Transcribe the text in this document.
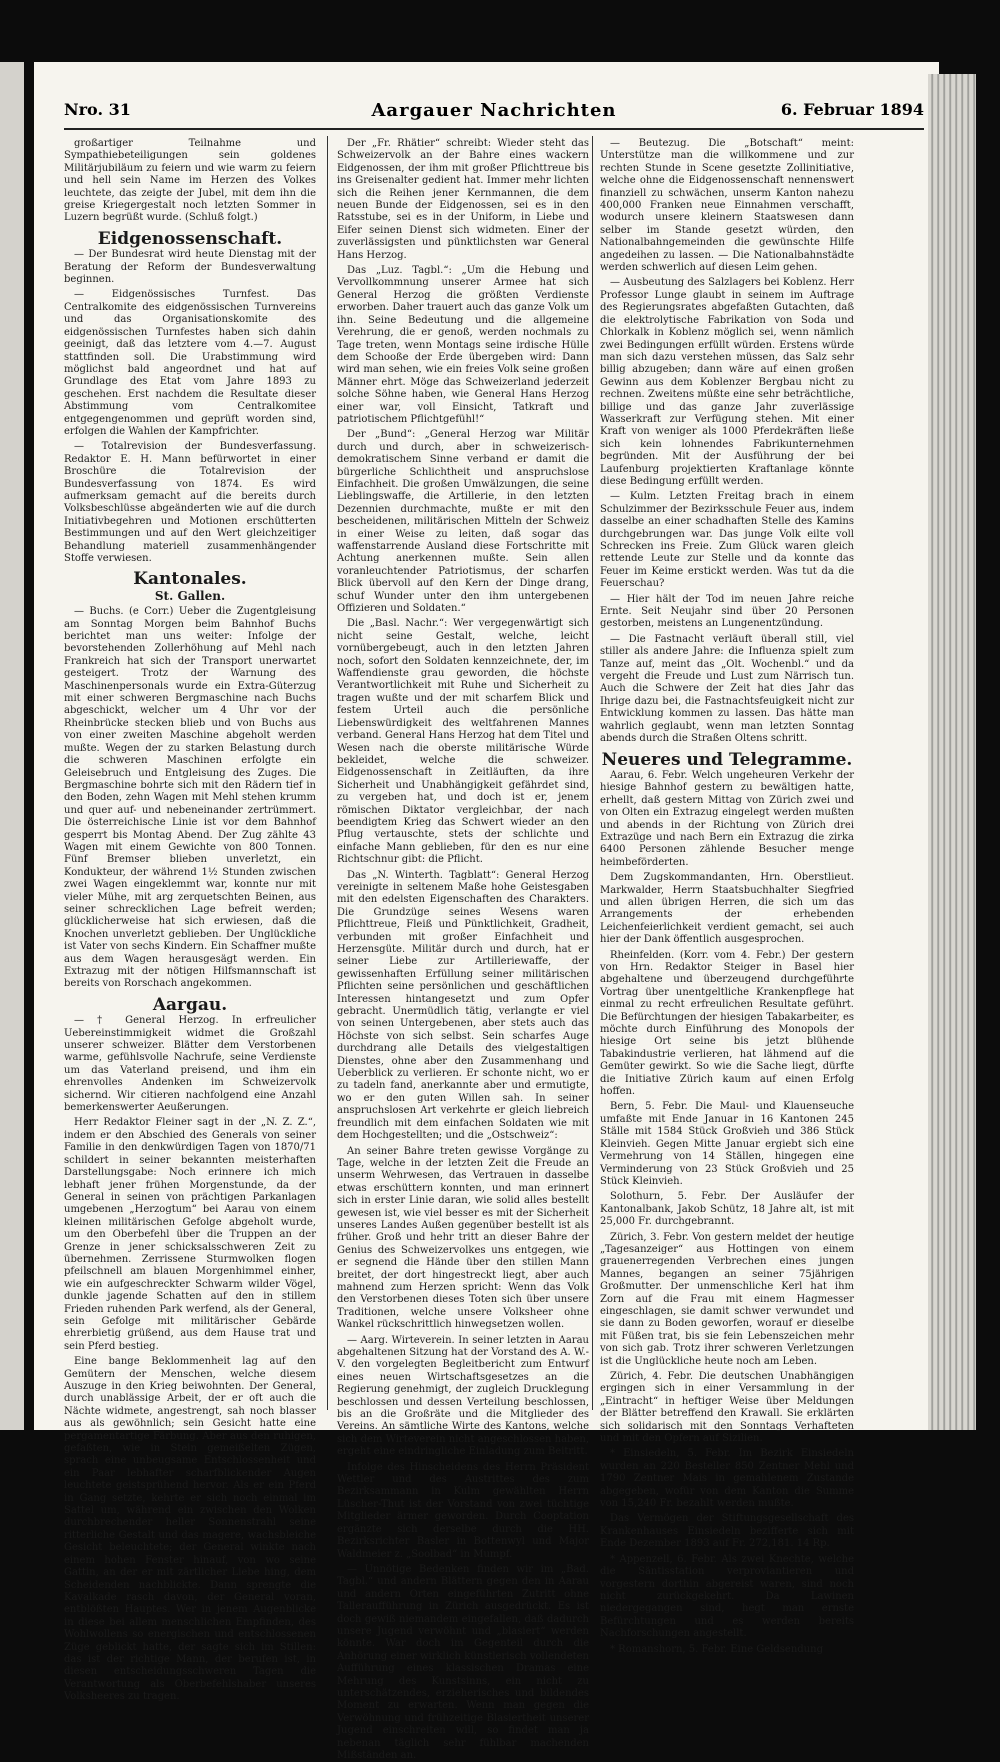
Aargauer Nachrichten
Nro. 31	6. Februar 1894

großartiger Teilnahme und Sympathiebeteiligungen sein goldenes Militärjubiläum zu feiern und wie warm zu feiern und hell sein Name im Herzen des Volkes leuchtete, das zeigte der Jubel, mit dem ihn die greise Kriegergestalt noch letzten Sommer in Luzern begrüßt wurde. (Schluß folgt.)

Eidgenossenschaft.

— Der Bundesrat wird heute Dienstag mit der Beratung der Reform der Bundesverwaltung beginnen.

— Eidgenössisches Turnfest. Das Centralkomite des eidgenössischen Turnvereins und das Organisationskomite des eidgenössischen Turnfestes haben sich dahin geeinigt, daß das letztere vom 4.—7. August stattfinden soll. Die Urabstimmung wird möglichst bald angeordnet und hat auf Grundlage des Etat vom Jahre 1893 zu geschehen. Erst nachdem die Resultate dieser Abstimmung vom Centralkomitee entgegengenommen und geprüft worden sind, erfolgen die Wahlen der Kampfrichter.

— Totalrevision der Bundesverfassung. Redaktor E. H. Mann befürwortet in einer Broschüre die Totalrevision der Bundesverfassung von 1874. Es wird aufmerksam gemacht auf die bereits durch Volksbeschlüsse abgeänderten wie auf die durch Initiativbegehren und Motionen erschütterten Bestimmungen und auf den Wert gleichzeitiger Behandlung materiell zusammenhängender Stoffe verwiesen.

Kantonales.
St. Gallen.

— Buchs. (e Corr.) Ueber die Zugentgleisung am Sonntag Morgen beim Bahnhof Buchs berichtet man uns weiter: Infolge der bevorstehenden Zollerhöhung auf Mehl nach Frankreich hat sich der Transport unerwartet gesteigert. Trotz der Warnung des Maschinenpersonals wurde ein Extra-Güterzug mit einer schweren Bergmaschine nach Buchs abgeschickt, welcher um 4 Uhr vor der Rheinbrücke stecken blieb und von Buchs aus von einer zweiten Maschine abgeholt werden mußte. Wegen der zu starken Belastung durch die schweren Maschinen erfolgte ein Geleisebruch und Entgleisung des Zuges. Die Bergmaschine bohrte sich mit den Rädern tief in den Boden, zehn Wagen mit Mehl stehen krumm und quer auf- und nebeneinander zertrümmert. Die österreichische Linie ist vor dem Bahnhof gesperrt bis Montag Abend. Der Zug zählte 43 Wagen mit einem Gewichte von 800 Tonnen. Fünf Bremser blieben unverletzt, ein Kondukteur, der während 1½ Stunden zwischen zwei Wagen eingeklemmt war, konnte nur mit vieler Mühe, mit arg zerquetschten Beinen, aus seiner schrecklichen Lage befreit werden; glücklicherweise hat sich erwiesen, daß die Knochen unverletzt geblieben. Der Unglückliche ist Vater von sechs Kindern. Ein Schaffner mußte aus dem Wagen herausgesägt werden. Ein Extrazug mit der nötigen Hilfsmannschaft ist bereits von Rorschach angekommen.

Aargau.

— † General Herzog. In erfreulicher Uebereinstimmigkeit widmet die Großzahl unserer schweizer. Blätter dem Verstorbenen warme, gefühlsvolle Nachrufe, seine Verdienste um das Vaterland preisend, und ihm ein ehrenvolles Andenken im Schweizervolk sichernd. Wir citieren nachfolgend eine Anzahl bemerkenswerter Aeußerungen.

Herr Redaktor Fleiner sagt in der „N. Z. Z.“, indem er den Abschied des Generals von seiner Familie in den denkwürdigen Tagen von 1870/71 schildert in seiner bekannten meisterhaften Darstellungsgabe: Noch erinnere ich mich lebhaft jener frühen Morgenstunde, da der General in seinen von prächtigen Parkanlagen umgebenen „Herzogtum“ bei Aarau von einem kleinen militärischen Gefolge abgeholt wurde, um den Oberbefehl über die Truppen an der Grenze in jener schicksalsschweren Zeit zu übernehmen. Zerrissene Sturmwolken flogen pfeilschnell am blauen Morgenhimmel einher, wie ein aufgeschreckter Schwarm wilder Vögel, dunkle jagende Schatten auf den in stillem Frieden ruhenden Park werfend, als der General, sein Gefolge mit militärischer Gebärde ehrerbietig grüßend, aus dem Hause trat und sein Pferd bestieg.

Eine bange Beklommenheit lag auf den Gemütern der Menschen, welche diesem Auszuge in den Krieg beiwohnten. Der General, durch unablässige Arbeit, der er oft auch die Nächte widmete, angestrengt, sah noch blasser aus als gewöhnlich; sein Gesicht hatte eine pergamentartige Färbung. Aber aus den ruhigen, gefaßten, wie in Stein gemeißelten Zügen, sprach eine unbeugsame Entschlossenheit und ein Paar lebhafter scharfblickender Augen leuchtete geistsprühend hervor. Als er ein Pferd in Gang setzte, kehrte er sich noch einmal im Sattel um, während ein zwischen den Wolken durchbrechender heller Sonnenstrahl seine ritterliche Gestalt und das magere, wachsbleiche Gesicht beleuchtete; der General winkte nach einem hohen Fenster hinauf, von wo seine Gattin, an der er mit zärtlicher Liebe hing, dem Scheidenden nachblickte. Dann sprengte die Kavalkade rasch davon, der General voran, entblößten Hauptes. Wer in jenem Augenblicke in diese bei allem menschlichen Empfinden, des Wohlwollens so energischen und entschlossenen Züge geblickt hatte, der sagte sich im Stillen: das ist der richtige Mann, der berufen ist, in diesen entscheidungsschweren Tagen die Verantwortung als Oberbefehlshaber unseres Volksheeres zu tragen.

Der „Fr. Rhätier“ schreibt: Wieder steht das Schweizervolk an der Bahre eines wackern Eidgenossen, der ihm mit großer Pflichttreue bis ins Greisenalter gedient hat. Immer mehr lichten sich die Reihen jener Kernmannen, die dem neuen Bunde der Eidgenossen, sei es in den Ratsstube, sei es in der Uniform, in Liebe und Eifer seinen Dienst sich widmeten. Einer der zuverlässigsten und pünktlichsten war General Hans Herzog.

Das „Luz. Tagbl.“: „Um die Hebung und Vervollkommnung unserer Armee hat sich General Herzog die größten Verdienste erworben. Daher trauert auch das ganze Volk um ihn. Seine Bedeutung und die allgemeine Verehrung, die er genoß, werden nochmals zu Tage treten, wenn Montags seine irdische Hülle dem Schooße der Erde übergeben wird: Dann wird man sehen, wie ein freies Volk seine großen Männer ehrt. Möge das Schweizerland jederzeit solche Söhne haben, wie General Hans Herzog einer war, voll Einsicht, Tatkraft und patriotischem Pflichtgefühl!“

Der „Bund“: „General Herzog war Militär durch und durch, aber in schweizerisch-demokratischem Sinne verband er damit die bürgerliche Schlichtheit und anspruchslose Einfachheit. Die großen Umwälzungen, die seine Lieblingswaffe, die Artillerie, in den letzten Dezennien durchmachte, mußte er mit den bescheidenen, militärischen Mitteln der Schweiz in einer Weise zu leiten, daß sogar das waffenstarrende Ausland diese Fortschritte mit Achtung anerkennen mußte. Sein allen voranleuchtender Patriotismus, der scharfen Blick übervoll auf den Kern der Dinge drang, schuf Wunder unter den ihm untergebenen Offizieren und Soldaten.“

Die „Basl. Nachr.“: Wer vergegenwärtigt sich nicht seine Gestalt, welche, leicht vornübergebeugt, auch in den letzten Jahren noch, sofort den Soldaten kennzeichnete, der, im Waffendienste grau geworden, die höchste Verantwortlichkeit mit Ruhe und Sicherheit zu tragen wußte und der mit scharfem Blick und festem Urteil auch die persönliche Liebenswürdigkeit des weltfahrenen Mannes verband. General Hans Herzog hat dem Titel und Wesen nach die oberste militärische Würde bekleidet, welche die schweizer. Eidgenossenschaft in Zeitläuften, da ihre Sicherheit und Unabhängigkeit gefährdet sind, zu vergeben hat, und doch ist er, jenem römischen Diktator vergleichbar, der nach beendigtem Krieg das Schwert wieder an den Pflug vertauschte, stets der schlichte und einfache Mann geblieben, für den es nur eine Richtschnur gibt: die Pflicht.

Das „N. Winterth. Tagblatt“: General Herzog vereinigte in seltenem Maße hohe Geistesgaben mit den edelsten Eigenschaften des Charakters. Die Grundzüge seines Wesens waren Pflichttreue, Fleiß und Pünktlichkeit, Gradheit, verbunden mit großer Einfachheit und Herzensgüte. Militär durch und durch, hat er seiner Liebe zur Artilleriewaffe, der gewissenhaften Erfüllung seiner militärischen Pflichten seine persönlichen und geschäftlichen Interessen hintangesetzt und zum Opfer gebracht. Unermüdlich tätig, verlangte er viel von seinen Untergebenen, aber stets auch das Höchste von sich selbst. Sein scharfes Auge durchdrang alle Details des vielgestaltigen Dienstes, ohne aber den Zusammenhang und Ueberblick zu verlieren. Er schonte nicht, wo er zu tadeln fand, anerkannte aber und ermutigte, wo er den guten Willen sah. In seiner anspruchslosen Art verkehrte er gleich liebreich freundlich mit dem einfachen Soldaten wie mit dem Hochgestellten; und die „Ostschweiz“:

An seiner Bahre treten gewisse Vorgänge zu Tage, welche in der letzten Zeit die Freude an unserm Wehrwesen, das Vertrauen in dasselbe etwas erschüttern konnten, und man erinnert sich in erster Linie daran, wie solid alles bestellt gewesen ist, wie viel besser es mit der Sicherheit unseres Landes Außen gegenüber bestellt ist als früher. Groß und hehr tritt an dieser Bahre der Genius des Schweizervolkes uns entgegen, wie er segnend die Hände über den stillen Mann breitet, der dort hingestreckt liegt, aber auch mahnend zum Herzen spricht: Wenn das Volk den Verstorbenen dieses Toten sich über unsere Traditionen, welche unsere Volksheer ohne Wankel rückschrittlich hinwegsetzen wollen.

— Aarg. Wirteverein. In seiner letzten in Aarau abgehaltenen Sitzung hat der Vorstand des A. W.-V. den vorgelegten Begleitbericht zum Entwurf eines neuen Wirtschaftsgesetzes an die Regierung genehmigt, der zugleich Drucklegung beschlossen und dessen Verteilung beschlossen, bis an die Großräte und die Mitglieder des Vereins. An sämtliche Wirte des Kantons, welche sich dem Wirteverein nicht angeschlossen haben, ergeht eine eindringliche Einladung zum Beitritt.

Infolge des Hinscheidens des Herrn Präsident Wettler und des Austrittes des zum Bezirksammann in Kulm gewählten Herrn Lüscher-Thut ist der Vorstand von zwei tüchtige Mitglieder ärmer geworden. Durch Cooptation ergänzte sich derselbe durch die HH. Bezirksrichter Basler in Bottenwyl und Major Waldmeier z. „Soolbad“ in Mumpf.

— Unnötige Bedenken finden wir im „Bad. Tagbl.“ und andern Blättern gegen den in Aarau und andern Orten eingeführten Zutritt ohne Talleraufführung in Zürich ausgedrückt. Es ist doch gewiß niemandem eingefallen, daß dadurch unsere Jugend verwöhnt und „blasiert“ werden könnte. War doch im Gegenteil durch die Anhörung einer wirklich künstlerisch vollendeten Aufführung eines klassischen Dramas eine Mehrung des Kunstsinns, ein nicht zu unterschätzendes, erzieherisches und bildendes Moment zu erwarten. Wenn man gegen die Verwöhnung und frühzeitige Blasiertheit unserer Jugend einschreiten will, so findet man ja nebenan täglich sehr fühlbar machenden Mißständen an.

— Beutezug. Die „Botschaft“ meint: Unterstütze man die willkommene und zur rechten Stunde in Scene gesetzte Zollinitiative, welche ohne die Eidgenossenschaft nennenswert finanziell zu schwächen, unserm Kanton nahezu 400,000 Franken neue Einnahmen verschafft, wodurch unsere kleinern Staatswesen dann selber im Stande gesetzt würden, den Nationalbahngemeinden die gewünschte Hilfe angedeihen zu lassen. — Die Nationalbahnstädte werden schwerlich auf diesen Leim gehen.

— Ausbeutung des Salzlagers bei Koblenz. Herr Professor Lunge glaubt in seinem im Auftrage des Regierungsrates abgefaßten Gutachten, daß die elektrolytische Fabrikation von Soda und Chlorkalk in Koblenz möglich sei, wenn nämlich zwei Bedingungen erfüllt würden. Erstens würde man sich dazu verstehen müssen, das Salz sehr billig abzugeben; dann wäre auf einen großen Gewinn aus dem Koblenzer Bergbau nicht zu rechnen. Zweitens müßte eine sehr beträchtliche, billige und das ganze Jahr zuverlässige Wasserkraft zur Verfügung stehen. Mit einer Kraft von weniger als 1000 Pferdekräften ließe sich kein lohnendes Fabrikunternehmen begründen. Mit der Ausführung der bei Laufenburg projektierten Kraftanlage könnte diese Bedingung erfüllt werden.

— Kulm. Letzten Freitag brach in einem Schulzimmer der Bezirksschule Feuer aus, indem dasselbe an einer schadhaften Stelle des Kamins durchgebrungen war. Das junge Volk eilte voll Schrecken ins Freie. Zum Glück waren gleich rettende Leute zur Stelle und da konnte das Feuer im Keime erstickt werden. Was tut da die Feuerschau?

— Hier hält der Tod im neuen Jahre reiche Ernte. Seit Neujahr sind über 20 Personen gestorben, meistens an Lungenentzündung.

— Die Fastnacht verläuft überall still, viel stiller als andere Jahre: die Influenza spielt zum Tanze auf, meint das „Olt. Wochenbl.“ und da vergeht die Freude und Lust zum Närrisch tun. Auch die Schwere der Zeit hat dies Jahr das Ihrige dazu bei, die Fastnachtsfeuigkeit nicht zur Entwicklung kommen zu lassen. Das hätte man wahrlich geglaubt, wenn man letzten Sonntag abends durch die Straßen Oltens schritt.

Neueres und Telegramme.

Aarau, 6. Febr. Welch ungeheuren Verkehr der hiesige Bahnhof gestern zu bewältigen hatte, erhellt, daß gestern Mittag von Zürich zwei und von Olten ein Extrazug eingelegt werden mußten und abends in der Richtung von Zürich drei Extrazüge und nach Bern ein Extrazug die zirka 6400 Personen zählende Besucher menge heimbeförderten.

Dem Zugskommandanten, Hrn. Oberstlieut. Markwalder, Herrn Staatsbuchhalter Siegfried und allen übrigen Herren, die sich um das Arrangements der erhebenden Leichenfeierlichkeit verdient gemacht, sei auch hier der Dank öffentlich ausgesprochen.

Rheinfelden. (Korr. vom 4. Febr.) Der gestern von Hrn. Redaktor Steiger in Basel hier abgehaltene und überzeugend durchgeführte Vortrag über unentgeltliche Krankenpflege hat einmal zu recht erfreulichen Resultate geführt. Die Befürchtungen der hiesigen Tabakarbeiter, es möchte durch Einführung des Monopols der hiesige Ort seine bis jetzt blühende Tabakindustrie verlieren, hat lähmend auf die Gemüter gewirkt. So wie die Sache liegt, dürfte die Initiative Zürich kaum auf einen Erfolg hoffen.

Bern, 5. Febr. Die Maul- und Klauenseuche umfaßte mit Ende Januar in 16 Kantonen 245 Ställe mit 1584 Stück Großvieh und 386 Stück Kleinvieh. Gegen Mitte Januar ergiebt sich eine Vermehrung von 14 Ställen, hingegen eine Verminderung von 23 Stück Großvieh und 25 Stück Kleinvieh.

Solothurn, 5. Febr. Der Ausläufer der Kantonalbank, Jakob Schütz, 18 Jahre alt, ist mit 25,000 Fr. durchgebrannt.

Zürich, 3. Febr. Von gestern meldet der heutige „Tagesanzeiger“ aus Hottingen von einem grauenerregenden Verbrechen eines jungen Mannes, begangen an seiner 75jährigen Großmutter. Der unmenschliche Kerl hat ihm Zorn auf die Frau mit einem Hagmesser eingeschlagen, sie damit schwer verwundet und sie dann zu Boden geworfen, worauf er dieselbe mit Füßen trat, bis sie fein Lebenszeichen mehr von sich gab. Trotz ihrer schweren Verletzungen ist die Unglückliche heute noch am Leben.

Zürich, 4. Febr. Die deutschen Unabhängigen ergingen sich in einer Versammlung in der „Eintracht“ in heftiger Weise über Meldungen der Blätter betreffend den Krawall. Sie erklärten sich solidarisch mit den Sonntags Verhafteten und mit den Opfern auf Sizilien.

* Einsiedeln, 5. Febr. Im Bezirk Einsiedeln wurden an 220 Besteller 850 Zentner Mehl und 1790 Zentner Mais in gemahlenem Zustande abgegeben, wofür von dem Kanton die Summe von 15,240 Fr. bezahlt werden mußte.

Das Vermögen der Stiftungsgesellschaft des Krankenhauses Einsiedeln bezifferte sich mit Ende Dezember 1893 auf Fr. 272,181. 14 Rp.

* Appenzell, 6. Febr. Als zwei Knechte, welche die Säntisstation verproviantieren und vorgestern dorthin abgereist waren, sind noch nicht zurückgekehrt. Da Lawinen niedergegangen sind, hegt man ernste Befürchtungen und es werden bereits Nachforschungen angestellt.

* Romanshorn, 5. Febr. Eine Geldsendung
